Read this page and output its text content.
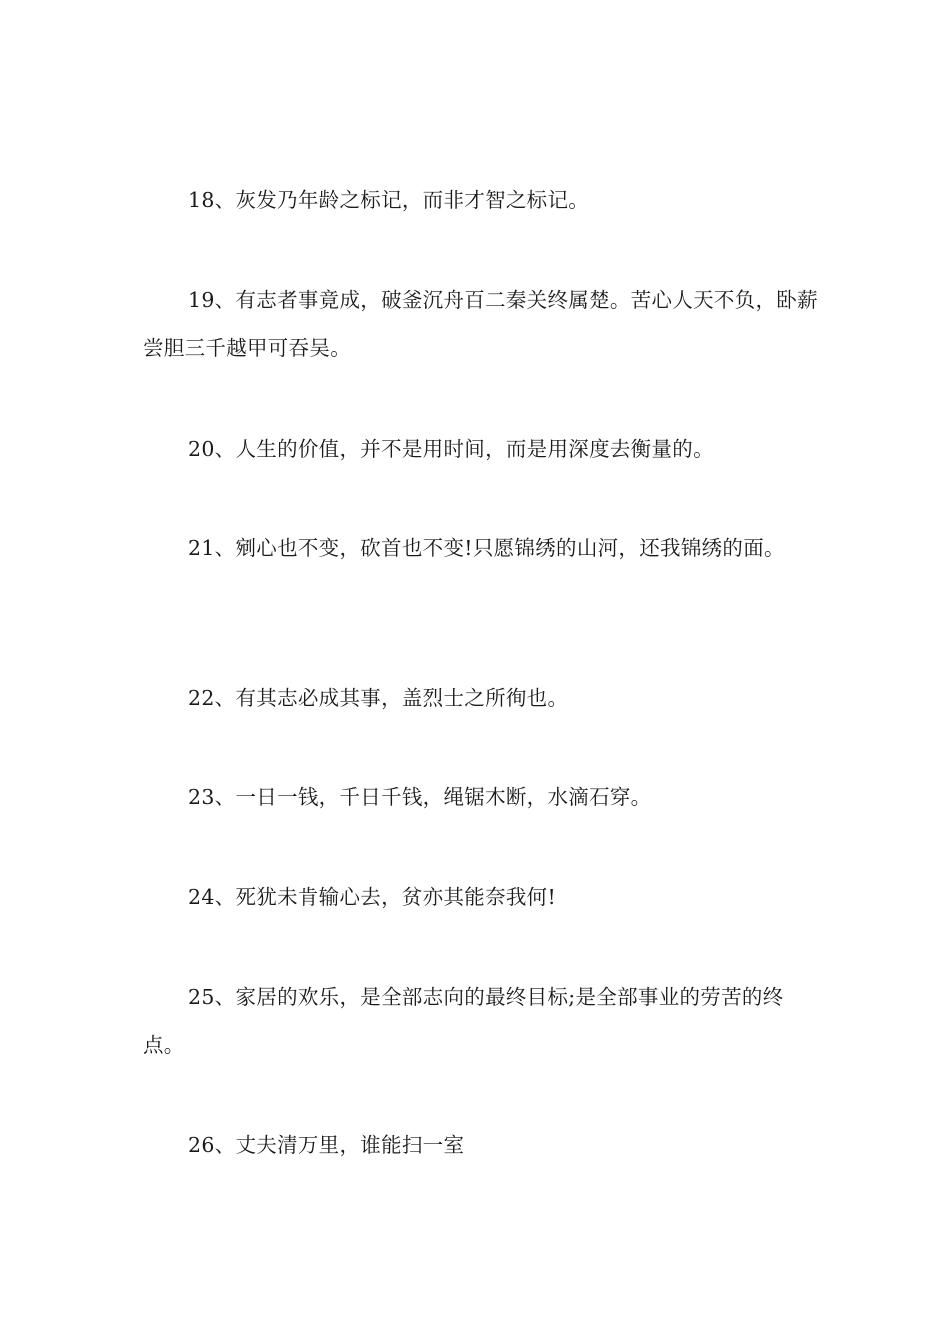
18、灰发乃年龄之标记，而非才智之标记。

19、有志者事竟成，破釜沉舟百二秦关终属楚。苦心人天不负，卧薪尝胆三千越甲可吞吴。

20、人生的价值，并不是用时间，而是用深度去衡量的。

21、剜心也不变，砍首也不变!只愿锦绣的山河，还我锦绣的面。

22、有其志必成其事，盖烈士之所徇也。

23、一日一钱，千日千钱，绳锯木断，水滴石穿。

24、死犹未肯输心去，贫亦其能奈我何!

25、家居的欢乐，是全部志向的最终目标;是全部事业的劳苦的终点。

26、丈夫清万里，谁能扫一室
